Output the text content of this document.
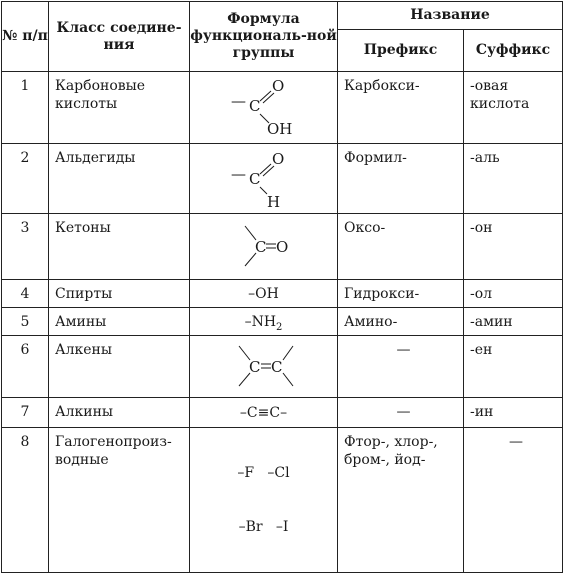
№ п/п	Класс соедине-ния	Формула функциональ-ной группы	Название	
			Префикс	Суффикс
1	Карбоновые кислоты	— C
O
OH	Карбокси-	-овая кислота
2	Альдегиды	— C
O
H	Формил-	-аль
3	Кетоны	C O	Оксо-	-он
4	Спирты	–OH	Гидрокси-	-ол
5	Амины	$-NH_2$	Амино-	-амин
6	Алкены	C C	—	-ен
7	Алкины	–C≡C–	—	-ин
8	Галогенопроиз-водные	–F   –Cl

–Br   –I	Фтор-, хлор-, бром-, йод-	—
